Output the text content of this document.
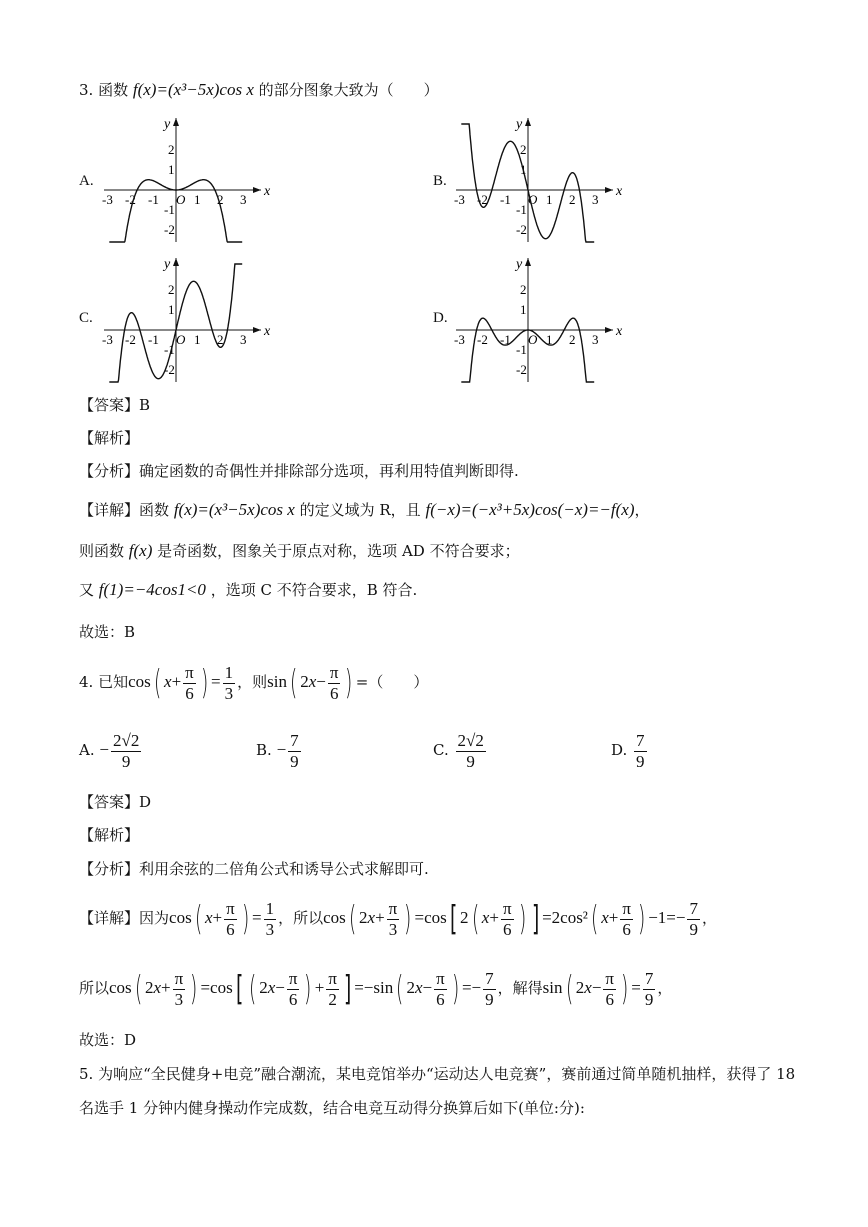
3. 函数 f(x)=(x³−5x)cos x 的部分图象大致为（　　）
A.
x
y
-3 -2 -1 O 1 2 3
2
1
-1
-2
B.
x
y
-3 -2 -1 O 1 2 3
2
1
-1
-2
C.
x
y
-3 -2 -1 O 1 2 3
2
1
-1
-2
D.
x
y
-3 -2 -1 O 1 2 3
2
1
-1
-2
【答案】B
【解析】
【分析】确定函数的奇偶性并排除部分选项，再利用特值判断即得.
【详解】函数 f(x)=(x³−5x)cos x 的定义域为 R，且 f(−x)=(−x³+5x)cos(−x)=−f(x)，
则函数 f(x) 是奇函数，图象关于原点对称，选项 AD 不符合要求；
又 f(1)=−4cos1<0 ，选项 C 不符合要求，B 符合.
故选：B
4. 已知cos( $x+ \frac{\pi}{6}$ ) = $\frac{1}{3}$ ，则sin( $2x- \frac{\pi}{6}$ ) =（　　）
A. − $\frac{2√2}{9}$	B. − $\frac{7}{9}$	C. $\frac{2√2}{9}$	D. $\frac{7}{9}$
【答案】D
【解析】
【分析】利用余弦的二倍角公式和诱导公式求解即可.
【详解】因为cos( $x+ \frac{\pi}{6}$ ) = $\frac{1}{3}$ ，所以cos( $2x+ \frac{\pi}{3}$ ) =cos[ 2( $x+ \frac{\pi}{6}$ ) ] =2cos²( $x+ \frac{\pi}{6}$ ) $-1=- \frac{7}{9}$ ，
所以cos( $2x+ \frac{\pi}{3}$ ) =cos[ ( $2x- \frac{\pi}{6}$ ) + $\frac{\pi}{2}$ ] =−sin( $2x- \frac{\pi}{6}$ ) =− $\frac{7}{9}$ ，解得sin( $2x- \frac{\pi}{6}$ ) = $\frac{7}{9}$ ，
故选：D
5. 为响应“全民健身+电竞”融合潮流，某电竞馆举办“运动达人电竞赛”，赛前通过简单随机抽样，获得了 18
名选手 1 分钟内健身操动作完成数，结合电竞互动得分换算后如下(单位:分):
